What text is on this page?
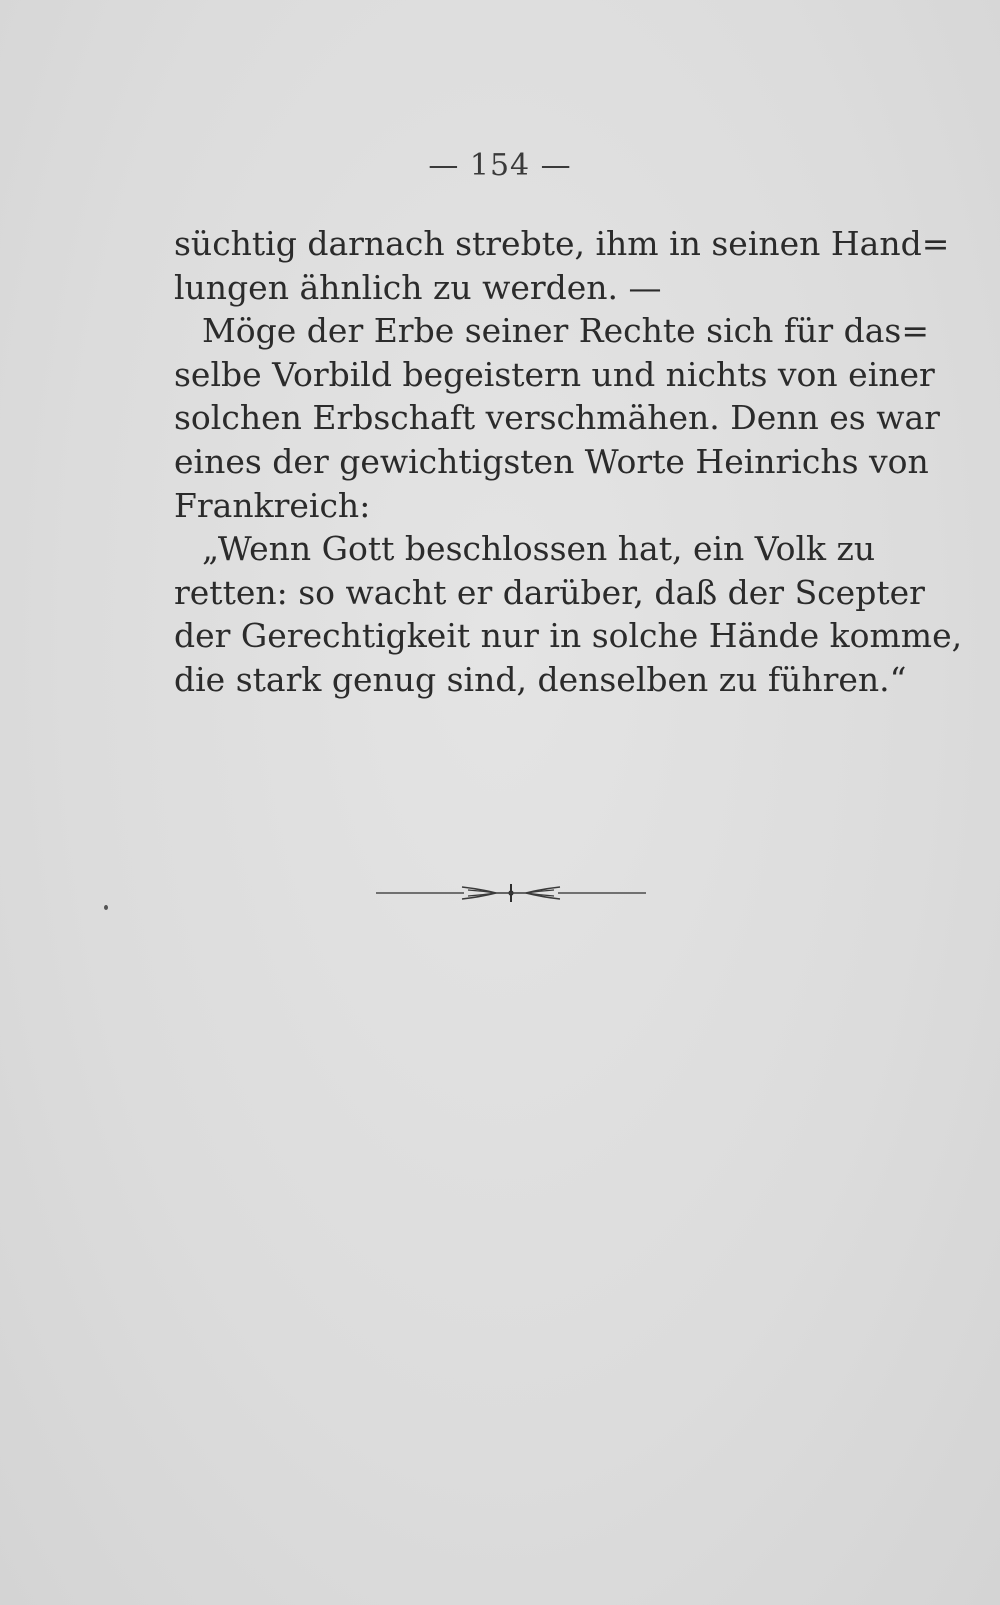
— 154 —
süchtig darnach strebte, ihm in seinen Hand=
lungen ähnlich zu werden. —
Möge der Erbe seiner Rechte sich für das=
selbe Vorbild begeistern und nichts von einer
solchen Erbschaft verschmähen. Denn es war
eines der gewichtigsten Worte Heinrichs von
Frankreich:
„Wenn Gott beschlossen hat, ein Volk zu
retten: so wacht er darüber, daß der Scepter
der Gerechtigkeit nur in solche Hände komme,
die stark genug sind, denselben zu führen.“
